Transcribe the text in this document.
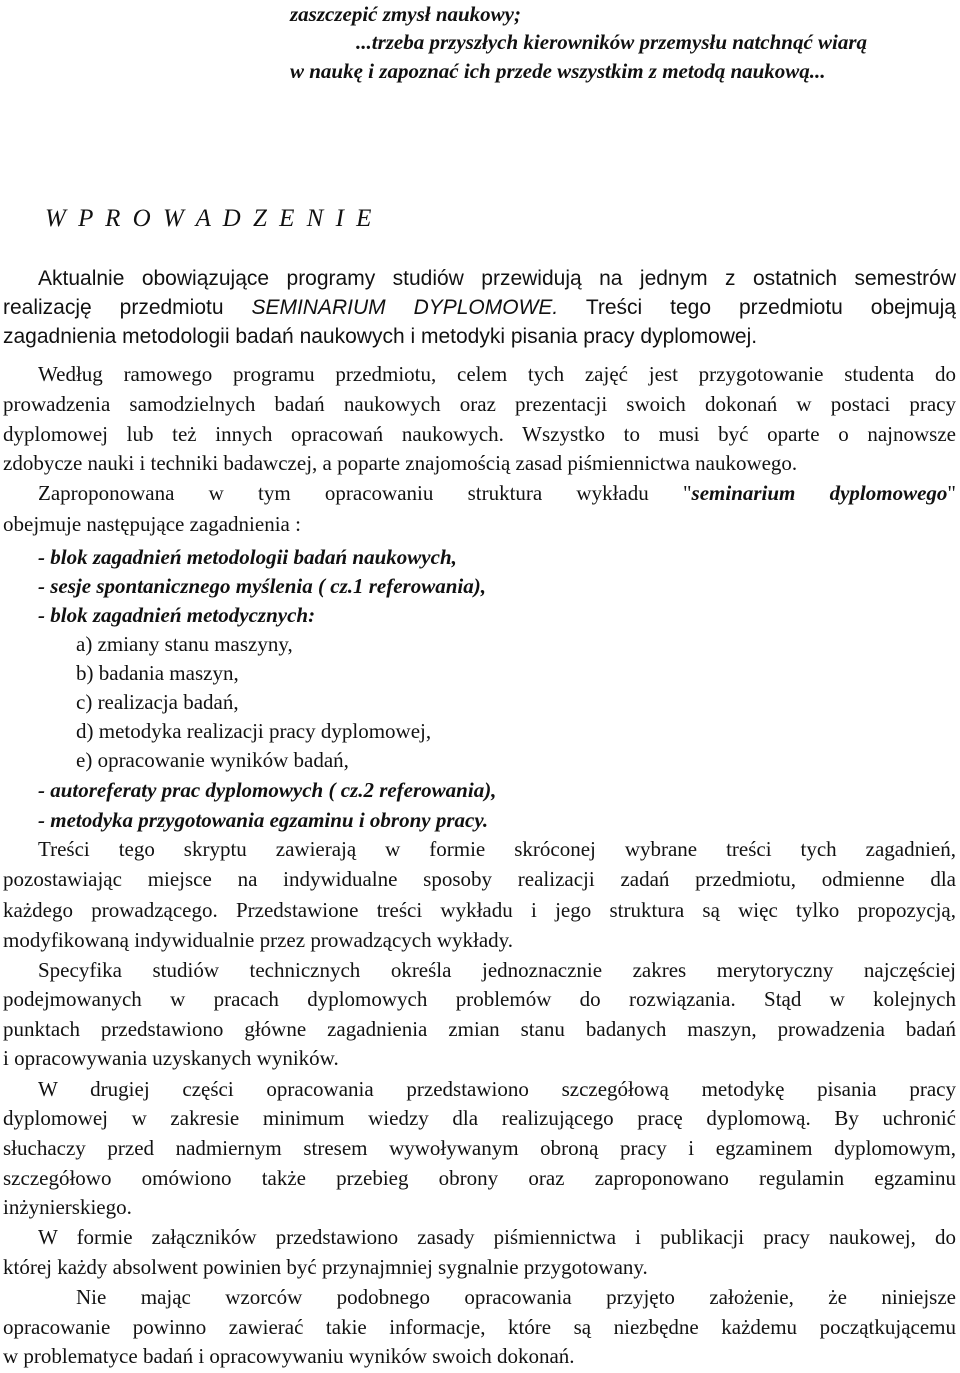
zaszczepić zmysł naukowy;
...trzeba przyszłych kierowników przemysłu natchnąć wiarą
w naukę i zapoznać ich przede wszystkim z metodą naukową...
W P R O W A D Z E N I E
Aktualnie obowiązujące programy studiów przewidują na jednym z ostatnich semestrów
realizację przedmiotu SEMINARIUM DYPLOMOWE. Treści tego przedmiotu obejmują
zagadnienia metodologii badań naukowych i metodyki pisania pracy dyplomowej.
Według ramowego programu przedmiotu, celem tych zajęć jest przygotowanie studenta do
prowadzenia samodzielnych badań naukowych oraz prezentacji swoich dokonań w postaci pracy
dyplomowej lub też innych opracowań naukowych. Wszystko to musi być oparte o najnowsze
zdobycze nauki i techniki badawczej, a poparte znajomością zasad piśmiennictwa naukowego.
Zaproponowana w tym opracowaniu struktura wykładu "seminarium dyplomowego"
obejmuje następujące zagadnienia :
- blok zagadnień metodologii badań naukowych,
- sesje spontanicznego myślenia ( cz.1 referowania),
- blok zagadnień metodycznych:
a) zmiany stanu maszyny,
b) badania maszyn,
c) realizacja badań,
d) metodyka realizacji pracy dyplomowej,
e) opracowanie wyników badań,
- autoreferaty prac dyplomowych ( cz.2 referowania),
- metodyka przygotowania egzaminu i obrony pracy.
Treści tego skryptu zawierają w formie skróconej wybrane treści tych zagadnień,
pozostawiając miejsce na indywidualne sposoby realizacji zadań przedmiotu, odmienne dla
każdego prowadzącego. Przedstawione treści wykładu i jego struktura są więc tylko propozycją,
modyfikowaną indywidualnie przez prowadzących wykłady.
Specyfika studiów technicznych określa jednoznacznie zakres merytoryczny najczęściej
podejmowanych w pracach dyplomowych problemów do rozwiązania. Stąd w kolejnych
punktach przedstawiono główne zagadnienia zmian stanu badanych maszyn, prowadzenia badań
i opracowywania uzyskanych wyników.
W drugiej części opracowania przedstawiono szczegółową metodykę pisania pracy
dyplomowej w zakresie minimum wiedzy dla realizującego pracę dyplomową. By uchronić
słuchaczy przed nadmiernym stresem wywoływanym obroną pracy i egzaminem dyplomowym,
szczegółowo omówiono także przebieg obrony oraz zaproponowano regulamin egzaminu
inżynierskiego.
W formie załączników przedstawiono zasady piśmiennictwa i publikacji pracy naukowej, do
której każdy absolwent powinien być przynajmniej sygnalnie przygotowany.
Nie mając wzorców podobnego opracowania przyjęto założenie, że niniejsze
opracowanie powinno zawierać takie informacje, które są niezbędne każdemu początkującemu
w problematyce badań i opracowywaniu wyników swoich dokonań.
